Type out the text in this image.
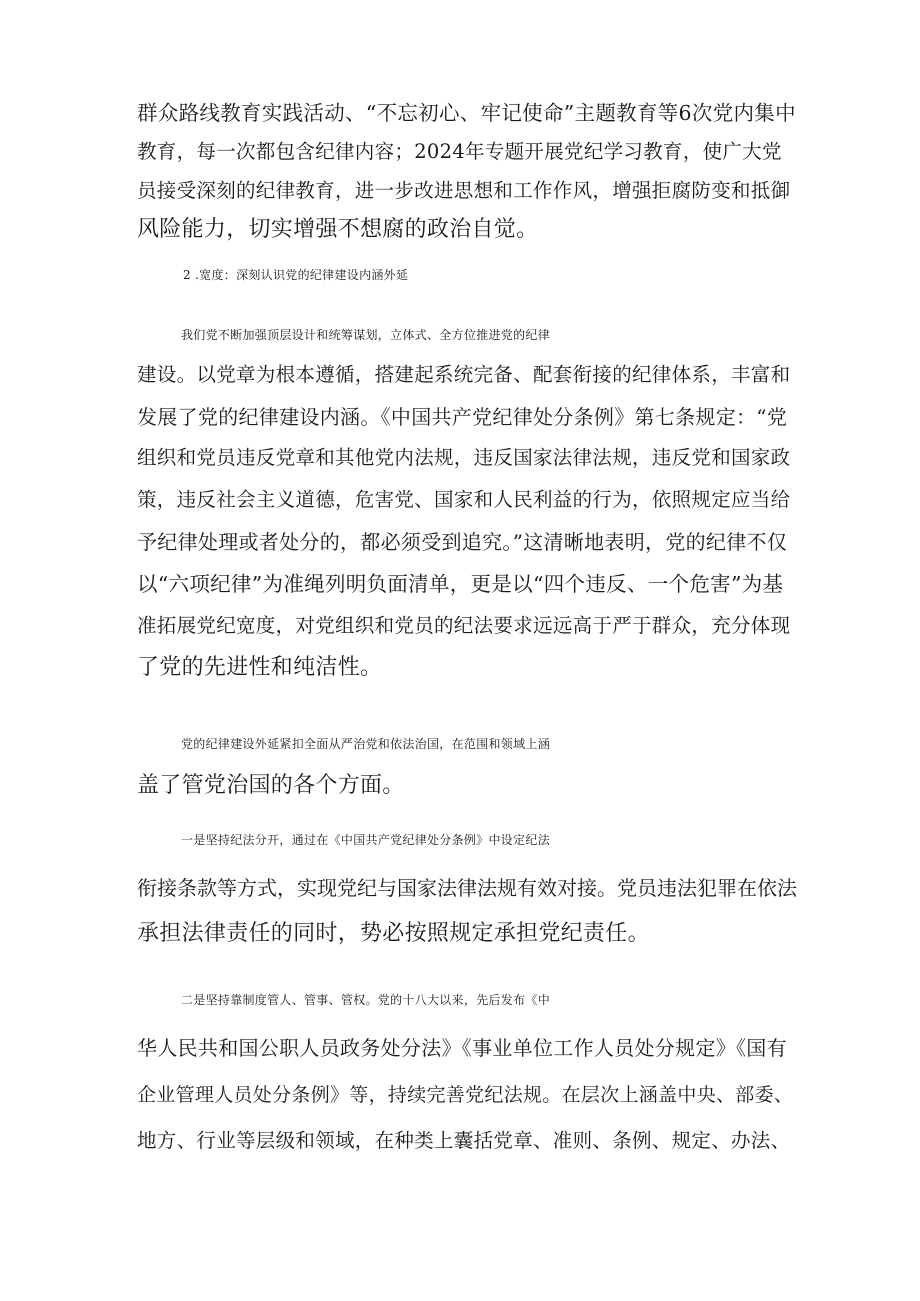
群众路线教育实践活动、“不忘初心、牢记使命”主题教育等6次党内集中
教育，每一次都包含纪律内容；2024年专题开展党纪学习教育，使广大党
员接受深刻的纪律教育，进一步改进思想和工作作风，增强拒腐防变和抵御
风险能力，切实增强不想腐的政治自觉。
2 .宽度：深刻认识党的纪律建设内涵外延
我们党不断加强顶层设计和统筹谋划，立体式、全方位推进党的纪律
建设。以党章为根本遵循，搭建起系统完备、配套衔接的纪律体系，丰富和
发展了党的纪律建设内涵。《中国共产党纪律处分条例》第七条规定：“党
组织和党员违反党章和其他党内法规，违反国家法律法规，违反党和国家政
策，违反社会主义道德，危害党、国家和人民利益的行为，依照规定应当给
予纪律处理或者处分的，都必须受到追究。”这清晰地表明，党的纪律不仅
以“六项纪律”为准绳列明负面清单，更是以“四个违反、一个危害”为基
准拓展党纪宽度，对党组织和党员的纪法要求远远高于严于群众，充分体现
了党的先进性和纯洁性。
党的纪律建设外延紧扣全面从严治党和依法治国，在范围和领域上涵
盖了管党治国的各个方面。
一是坚持纪法分开，通过在《中国共产党纪律处分条例》中设定纪法
衔接条款等方式，实现党纪与国家法律法规有效对接。党员违法犯罪在依法
承担法律责任的同时，势必按照规定承担党纪责任。
二是坚持靠制度管人、管事、管权。党的十八大以来，先后发布《中
华人民共和国公职人员政务处分法》《事业单位工作人员处分规定》《国有
企业管理人员处分条例》等，持续完善党纪法规。在层次上涵盖中央、部委、
地方、行业等层级和领域，在种类上囊括党章、准则、条例、规定、办法、
